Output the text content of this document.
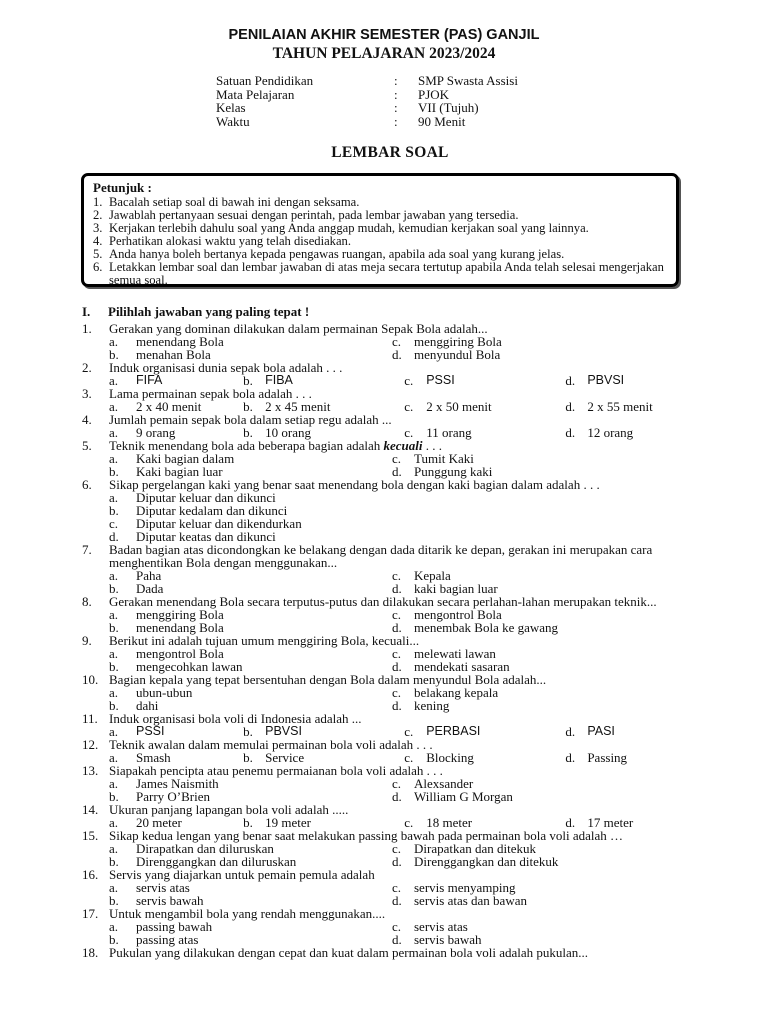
PENILAIAN AKHIR SEMESTER (PAS) GANJIL
TAHUN PELAJARAN 2023/2024
Satuan Pendidikan	:	SMP Swasta Assisi
Mata Pelajaran	:	PJOK
Kelas	:	VII (Tujuh)
Waktu	:	90 Menit
LEMBAR SOAL
Petunjuk :
1. Bacalah setiap soal di bawah ini dengan seksama.
2. Jawablah pertanyaan sesuai dengan perintah, pada lembar jawaban yang tersedia.
3. Kerjakan terlebih dahulu soal yang Anda anggap mudah, kemudian kerjakan soal yang lainnya.
4. Perhatikan alokasi waktu yang telah disediakan.
5. Anda hanya boleh bertanya kepada pengawas ruangan, apabila ada soal yang kurang jelas.
6. Letakkan lembar soal dan lembar jawaban di atas meja secara tertutup apabila Anda telah selesai mengerjakan semua soal.
I.	Pilihlah jawaban yang paling tepat !
1.	Gerakan yang dominan dilakukan dalam permainan Sepak Bola adalah...
a.	menendang Bola	c. menggiring Bola
b.	menahan Bola	d. menyundul Bola
2.	Induk organisasi dunia sepak bola adalah . . .
a.	FIFA	b. FIBA	c.	PSSI	d. PBVSI
3.	Lama permainan sepak bola adalah . . .
a.	2 x 40 menit	b. 2 x 45 menit	c. 2 x 50 menit	d. 2 x 55 menit
4.	Jumlah pemain sepak bola dalam setiap regu adalah ...
a.	9 orang	b. 10 orang	c. 11 orang	d. 12 orang
5.	Teknik menendang bola ada beberapa bagian adalah kecuali . . .
a.	Kaki bagian dalam	c. Tumit Kaki
b.	Kaki bagian luar	d. Punggung kaki
6.	Sikap pergelangan kaki yang benar saat menendang bola dengan kaki bagian dalam adalah . . .
a.	Diputar keluar dan dikunci
b.	Diputar kedalam dan dikunci
c.	Diputar keluar dan dikendurkan
d.	Diputar keatas dan dikunci
7.	Badan bagian atas dicondongkan ke belakang dengan dada ditarik ke depan, gerakan ini merupakan cara menghentikan Bola dengan menggunakan...
a.	Paha	c. Kepala
b.	Dada	d. kaki bagian luar
8.	Gerakan menendang Bola secara terputus-putus dan dilakukan secara perlahan-lahan merupakan teknik...
a.	menggiring Bola	c. mengontrol Bola
b.	menendang Bola	d. menembak Bola ke gawang
9.	Berikut ini adalah tujuan umum menggiring Bola, kecuali...
a.	mengontrol Bola	c. melewati lawan
b.	mengecohkan lawan	d. mendekati sasaran
10. Bagian kepala yang tepat bersentuhan dengan Bola dalam menyundul Bola adalah...
a.	ubun-ubun	c. belakang kepala
b.	dahi	d. kening
11. Induk organisasi bola voli di Indonesia adalah ...
a.	PSSI	b. PBVSI	c.	PERBASI	d. PASI
12. Teknik awalan dalam memulai permainan bola voli adalah . . .
a.	Smash	b. Service	c. Blocking	d. Passing
13. Siapakah pencipta atau penemu permaianan bola voli adalah . . .
a.	James Naismith	c. Alexsander
b.	Parry O’Brien	d. William G Morgan
14. Ukuran panjang lapangan bola voli adalah .....
a.	20 meter	b. 19 meter	c. 18 meter	d. 17 meter
15. Sikap kedua lengan yang benar saat melakukan passing bawah pada permainan bola voli adalah …
a.	Dirapatkan dan diluruskan	c. Dirapatkan dan ditekuk
b.	Direnggangkan dan diluruskan	d. Direnggangkan dan ditekuk
16. Servis yang diajarkan untuk pemain pemula adalah
a.	servis atas	c. servis menyamping
b.	servis bawah	d. servis atas dan bawan
17. Untuk mengambil bola yang rendah menggunakan....
a.	passing bawah	c. servis atas
b.	passing atas	d. servis bawah
18. Pukulan yang dilakukan dengan cepat dan kuat dalam permainan bola voli adalah pukulan...
